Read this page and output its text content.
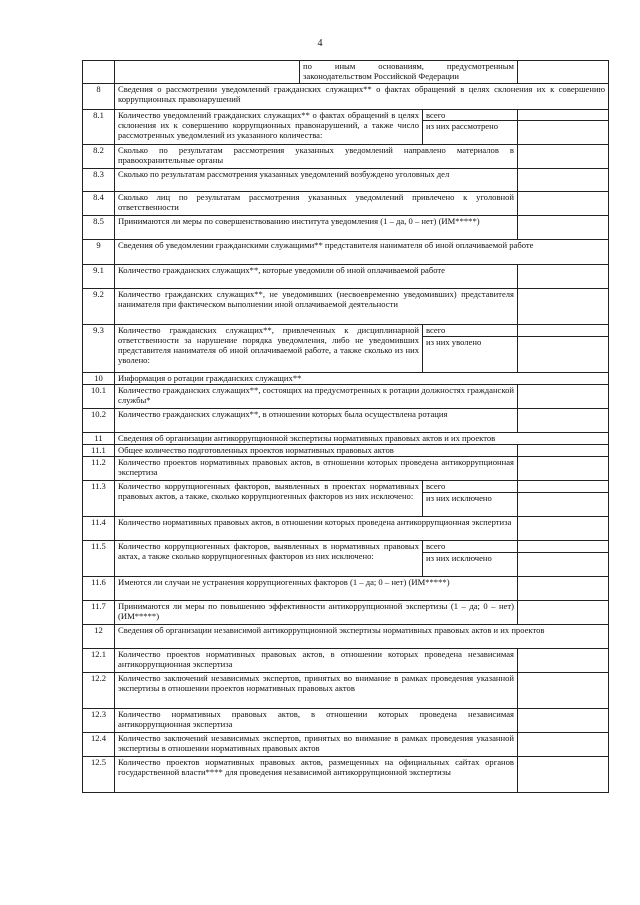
4
		по иным основаниям, предусмотренным законодательством Российской Федерации		
8	Сведения о рассмотрении уведомлений гражданских служащих** о фактах обращений в целях склонения их к совершению коррупционных правонарушений			
8.1	Количество уведомлений гражданских служащих** о фактах обращений в целях склонения их к совершению коррупционных правонарушений, а также число рассмотренных уведомлений из указанного количества:		всего	
			из них рассмотрено	
8.2	Сколько по результатам рассмотрения указанных уведомлений направлено материалов в правоохранительные органы			
8.3	Сколько по результатам рассмотрения указанных уведомлений возбуждено уголовных дел			
8.4	Сколько лиц по результатам рассмотрения указанных уведомлений привлечено к уголовной ответственности			
8.5	Принимаются ли меры по совершенствованию института уведомления (1 – да, 0 – нет) (ИМ*****)			
9	Сведения об уведомлении гражданскими служащими** представителя нанимателя об иной оплачиваемой работе			
9.1	Количество гражданских служащих**, которые уведомили об иной оплачиваемой работе			
9.2	Количество гражданских служащих**, не уведомивших (несвоевременно уведомивших) представителя нанимателя при фактическом выполнении иной оплачиваемой деятельности			
9.3	Количество гражданских служащих**, привлеченных к дисциплинарной ответственности за нарушение порядка уведомления, либо не уведомивших представителя нанимателя об иной оплачиваемой работе, а также сколько из них уволено:		всего	
			из них уволено	
10	Информация о ротации гражданских служащих**			
10.1	Количество гражданских служащих**, состоящих на предусмотренных к ротации должностях гражданской службы*			
10.2	Количество гражданских служащих**, в отношении которых была осуществлена ротация			
11	Сведения об организации антикоррупционной экспертизы нормативных правовых актов и их проектов			
11.1	Общее количество подготовленных проектов нормативных правовых актов			
11.2	Количество проектов нормативных правовых актов, в отношении которых проведена антикоррупционная экспертиза			
11.3	Количество коррупциогенных факторов, выявленных в проектах нормативных правовых актов, а также, сколько коррупциогенных факторов из них исключено:		всего	
			из них исключено	
11.4	Количество нормативных правовых актов, в отношении которых проведена антикоррупционная экспертиза			
11.5	Количество коррупциогенных факторов, выявленных в нормативных правовых актах, а также сколько коррупциогенных факторов из них исключено:		всего	
			из них исключено	
11.6	Имеются ли случаи не устранения коррупциогенных факторов (1 – да; 0 – нет) (ИМ*****)			
11.7	Принимаются ли меры по повышению эффективности антикоррупционной экспертизы (1 – да; 0 – нет) (ИМ*****)			
12	Сведения об организации независимой антикоррупционной экспертизы нормативных правовых актов и их проектов			
12.1	Количество проектов нормативных правовых актов, в отношении которых проведена независимая антикоррупционная экспертиза			
12.2	Количество заключений независимых экспертов, принятых во внимание в рамках проведения указанной экспертизы в отношении проектов нормативных правовых актов			
12.3	Количество нормативных правовых актов, в отношении которых проведена независимая антикоррупционная экспертиза			
12.4	Количество заключений независимых экспертов, принятых во внимание в рамках проведения указанной экспертизы в отношении нормативных правовых актов			
12.5	Количество проектов нормативных правовых актов, размещенных на официальных сайтах органов государственной власти**** для проведения независимой антикоррупционной экспертизы			
